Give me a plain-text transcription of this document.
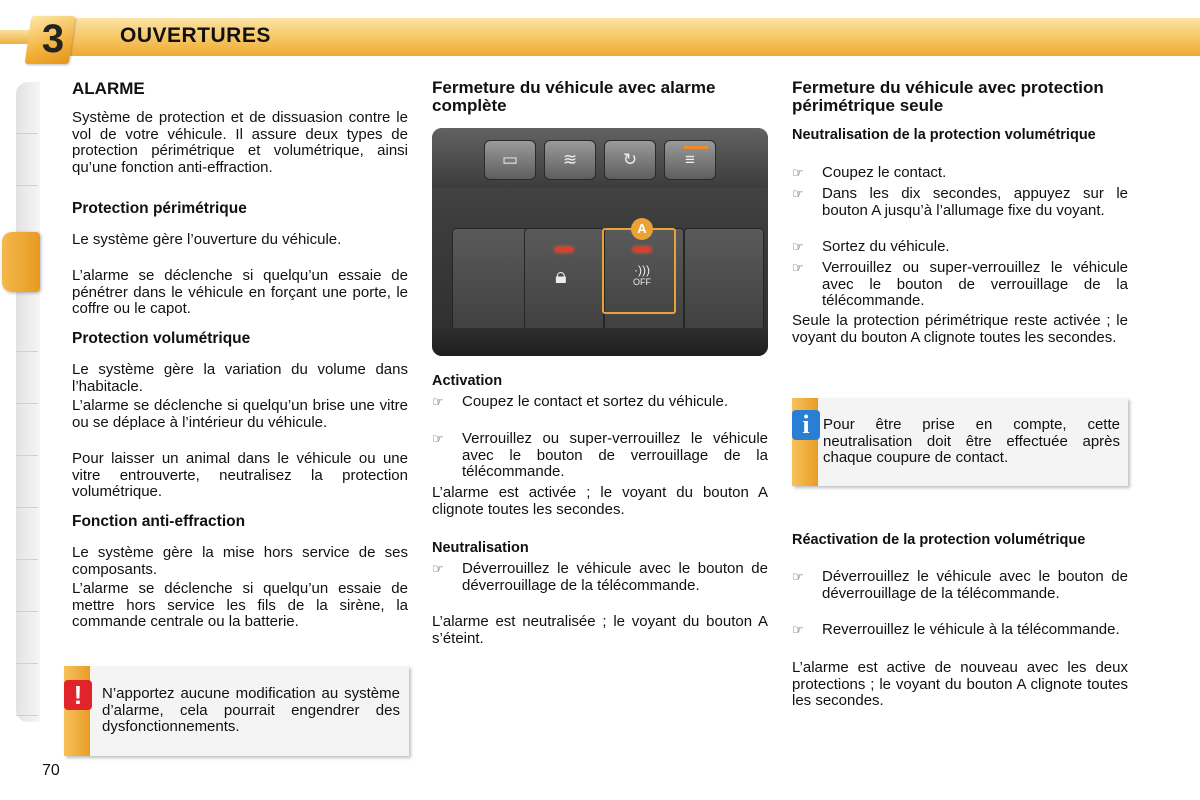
3	OUVERTURES
ALARME

Système de protection et de dissuasion contre le vol de votre véhicule. Il assure deux types de protection périmétrique et volumétrique, ainsi qu’une fonction anti-effraction.

Protection périmétrique

Le système gère l’ouverture du véhicule.

L’alarme se déclenche si quelqu’un essaie de pénétrer dans le véhicule en forçant une porte, le coffre ou le capot.

Protection volumétrique

Le système gère la variation du volume dans l’habitacle.

L’alarme se déclenche si quelqu’un brise une vitre ou se déplace à l’intérieur du véhicule.

Pour laisser un animal dans le véhicule ou une vitre entrouverte, neutralisez la protection volumétrique.

Fonction anti-effraction

Le système gère la mise hors service de ses composants.

L’alarme se déclenche si quelqu’un essaie de mettre hors service les fils de la sirène, la commande centrale ou la batterie.

!	N’apportez aucune modification au système d’alarme, cela pourrait engendrer des dysfonctionnements.
Fermeture du véhicule avec alarme complète
▭	≋	↻	≡
🔒︎	·)))
OFF
A
Activation
☞	Coupez le contact et sortez du véhicule.
☞	Verrouillez ou super-verrouillez le véhicule avec le bouton de verrouillage de la télécommande.

L’alarme est activée ; le voyant du bouton A clignote toutes les secondes.

Neutralisation
☞	Déverrouillez le véhicule avec le bouton de déverrouillage de la télécommande.

L’alarme est neutralisée ; le voyant du bouton A s’éteint.

Fermeture du véhicule avec protection périmétrique seule
Neutralisation de la protection volumétrique
☞	Coupez le contact.
☞	Dans les dix secondes, appuyez sur le bouton A jusqu’à l’allumage fixe du voyant.
☞	Sortez du véhicule.
☞	Verrouillez ou super-verrouillez le véhicule avec le bouton de verrouillage de la télécommande.

Seule la protection périmétrique reste activée ; le voyant du bouton A clignote toutes les secondes.

i Pour être prise en compte, cette neutralisation doit être effectuée après chaque coupure de contact.
Réactivation de la protection volumétrique
☞	Déverrouillez le véhicule avec le bouton de déverrouillage de la télécommande.
☞	Reverrouillez le véhicule à la télécommande.

L’alarme est active de nouveau avec les deux protections ; le voyant du bouton A clignote toutes les secondes.

70
